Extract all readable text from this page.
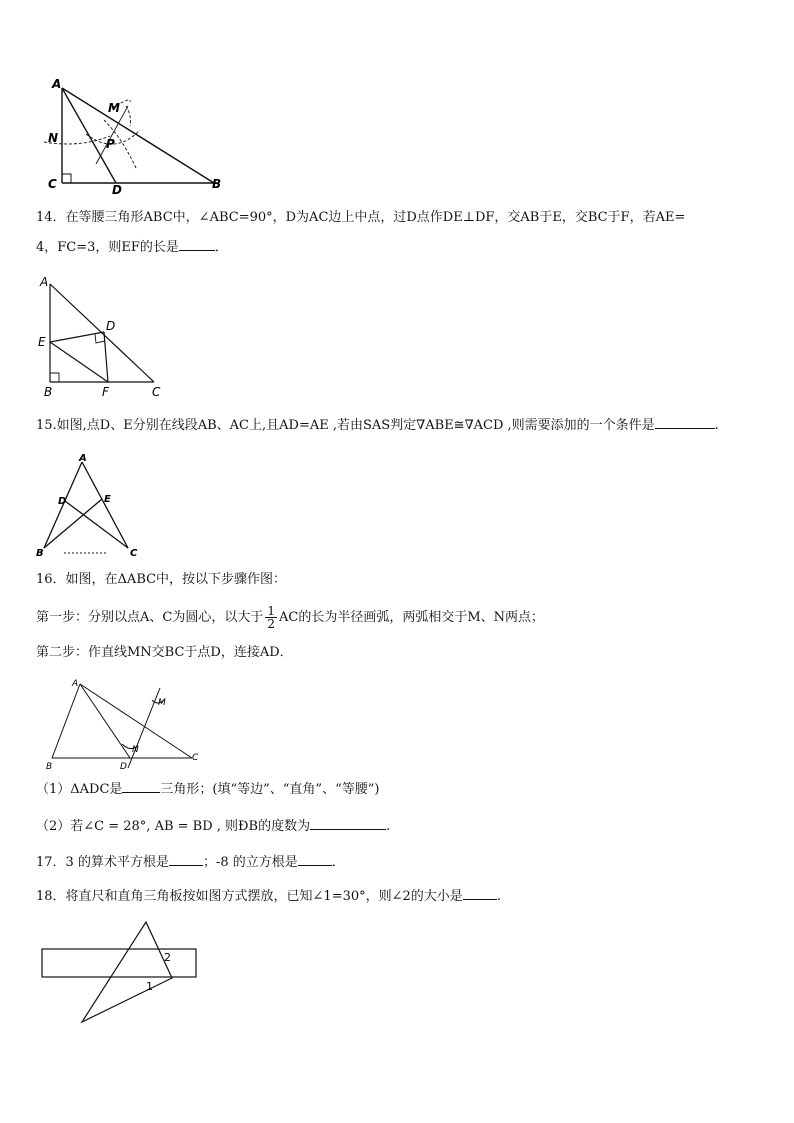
A
M
N	P
C	D	B
14．在等腰三角形ABC中，∠ABC=90°，D为AC边上中点，过D点作DE⊥DF，交AB于E，交BC于F，若AE=
4，FC=3，则EF的长是	．
A
D
E
B	F	C
15.如图,点D、E分别在线段AB、AC上,且AD=AE ,若由SAS判定∇ABE≅∇ACD ,则需要添加的一个条件是	.
A
D	E
B	C
16．如图，在ΔABC中，按以下步骤作图：
第一步：分别以点A、C为圆心，以大于 $\frac{1}{2}$ AC的长为半径画弧，两弧相交于M、N两点；
第二步：作直线MN交BC于点D，连接AD．
A
M
N
B	D
C
（1）ΔADC是	三角形；(填“等边”、“直角”、“等腰”)
（2）若∠C = 28°, AB = BD , 则ÐB的度数为	.
17．3 的算术平方根是	；-8 的立方根是	．
18．将直尺和直角三角板按如图方式摆放，已知∠1=30°，则∠2的大小是	.
2
1
